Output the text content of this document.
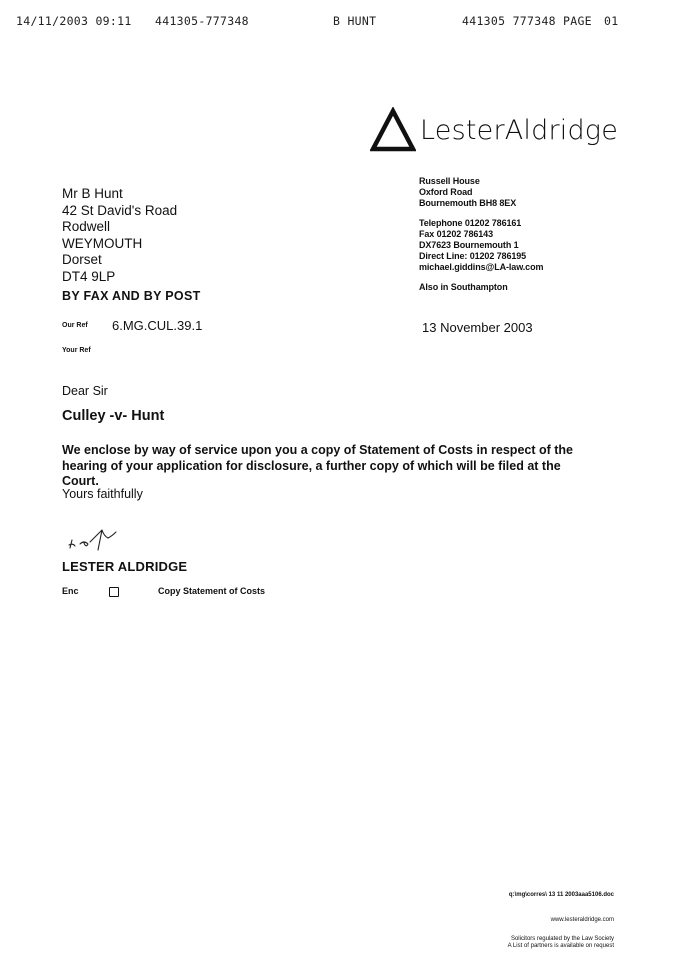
14/11/2003 09:11 441305-777348	B HUNT	441305 777348 PAGE 01
LesterAldridge
Mr B Hunt
42 St David's Road
Rodwell
WEYMOUTH
Dorset
DT4 9LP
Russell House
Oxford Road
Bournemouth BH8 8EX
Telephone 01202 786161
Fax 01202 786143
DX7623 Bournemouth 1
Direct Line: 01202 786195
michael.giddins@LA-law.com
Also in Southampton
BY FAX AND BY POST
Our Ref 6.MG.CUL.39.1
Your Ref
13 November 2003
Dear Sir
Culley -v- Hunt
We enclose by way of service upon you a copy of Statement of Costs in respect of the hearing of your application for disclosure, a further copy of which will be filed at the Court.
Yours faithfully
LESTER ALDRIDGE
Enc	Copy Statement of Costs
q:\mg\corres\ 13 11 2003aaa5106.doc
www.lesteraldridge.com
Solicitors regulated by the Law Society
A List of partners is available on request
